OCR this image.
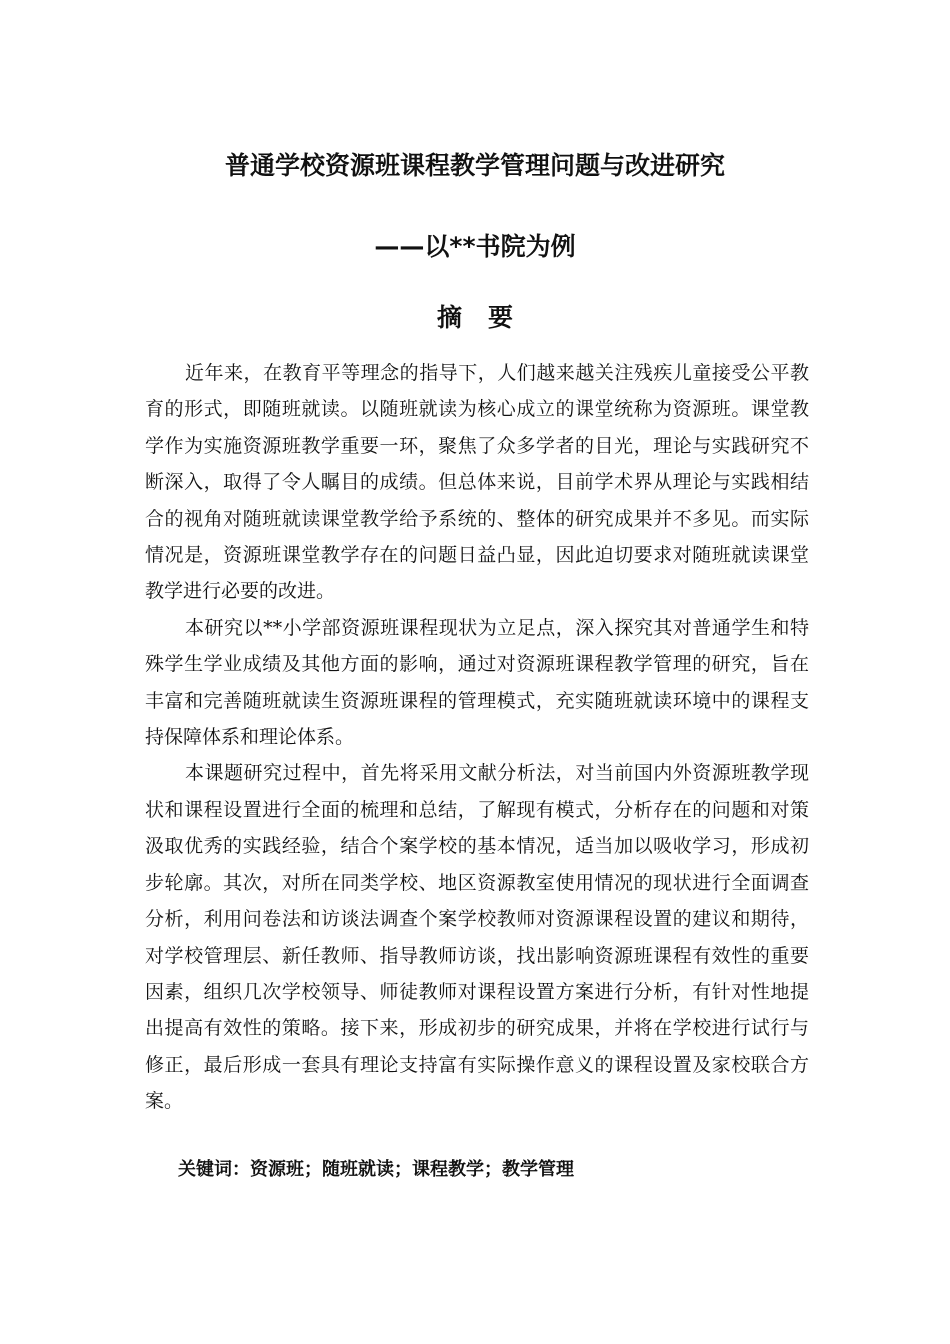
普通学校资源班课程教学管理问题与改进研究
——以**书院为例
摘要

近年来，在教育平等理念的指导下，人们越来越关注残疾儿童接受公平教育的形式，即随班就读。以随班就读为核心成立的课堂统称为资源班。课堂教学作为实施资源班教学重要一环，聚焦了众多学者的目光，理论与实践研究不断深入，取得了令人瞩目的成绩。但总体来说，目前学术界从理论与实践相结合的视角对随班就读课堂教学给予系统的、整体的研究成果并不多见。而实际情况是，资源班课堂教学存在的问题日益凸显，因此迫切要求对随班就读课堂教学进行必要的改进。

本研究以**小学部资源班课程现状为立足点，深入探究其对普通学生和特殊学生学业成绩及其他方面的影响，通过对资源班课程教学管理的研究，旨在丰富和完善随班就读生资源班课程的管理模式，充实随班就读环境中的课程支持保障体系和理论体系。

本课题研究过程中，首先将采用文献分析法，对当前国内外资源班教学现状和课程设置进行全面的梳理和总结，了解现有模式，分析存在的问题和对策汲取优秀的实践经验，结合个案学校的基本情况，适当加以吸收学习，形成初步轮廓。其次，对所在同类学校、地区资源教室使用情况的现状进行全面调查分析，利用问卷法和访谈法调查个案学校教师对资源课程设置的建议和期待，对学校管理层、新任教师、指导教师访谈，找出影响资源班课程有效性的重要因素，组织几次学校领导、师徒教师对课程设置方案进行分析，有针对性地提出提高有效性的策略。接下来，形成初步的研究成果，并将在学校进行试行与修正，最后形成一套具有理论支持富有实际操作意义的课程设置及家校联合方案。

关键词：资源班；随班就读；课程教学；教学管理
